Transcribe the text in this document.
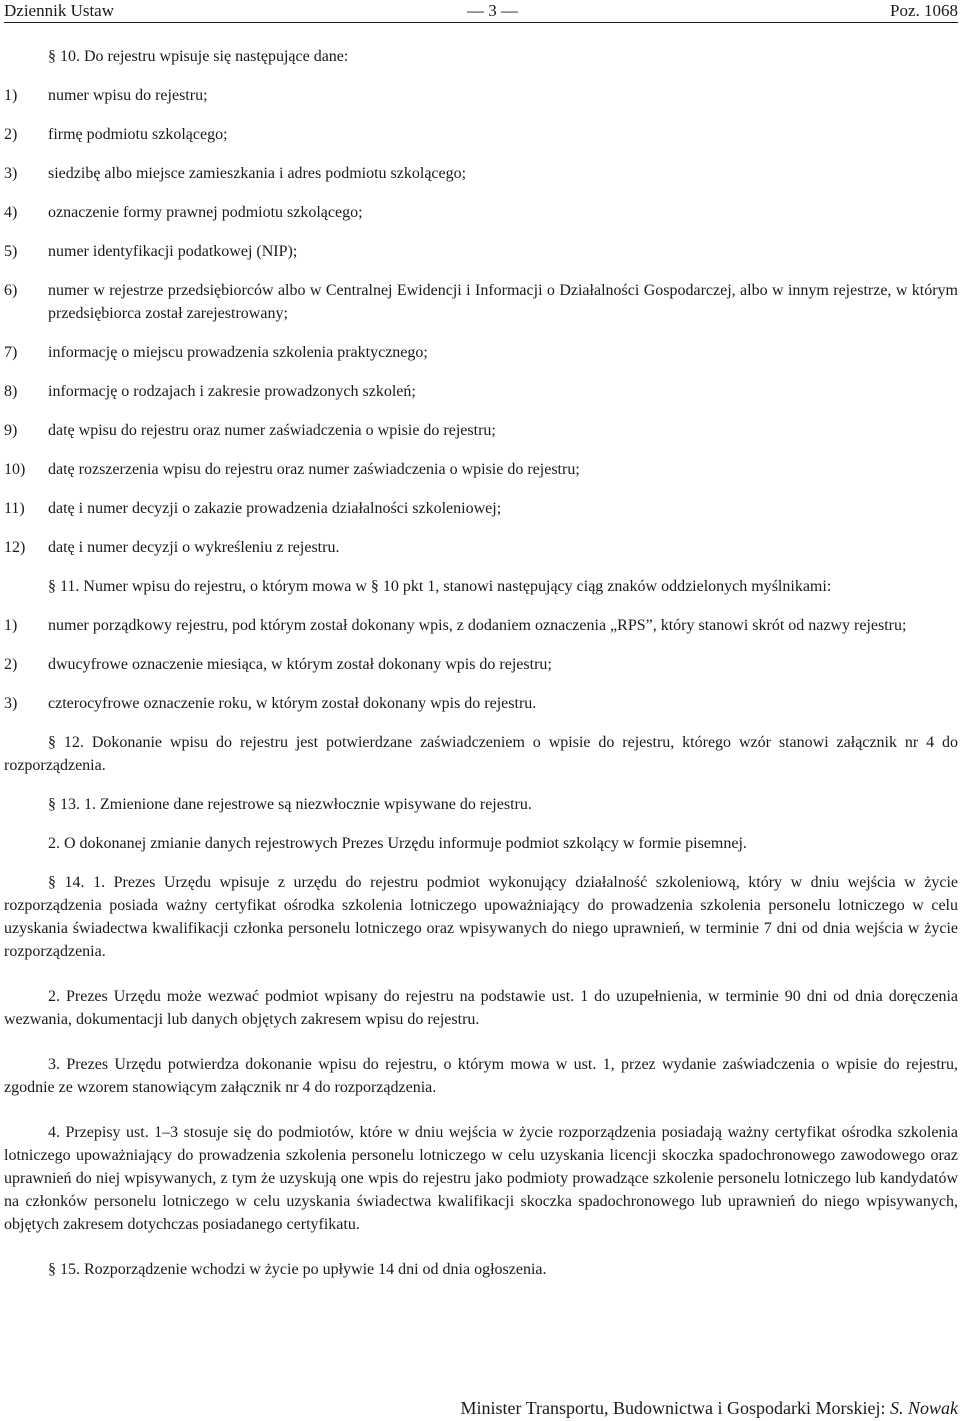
Dziennik Ustaw	— 3 —	Poz. 1068

§ 10. Do rejestru wpisuje się następujące dane:

1) numer wpisu do rejestru;

2) firmę podmiotu szkolącego;

3) siedzibę albo miejsce zamieszkania i adres podmiotu szkolącego;

4) oznaczenie formy prawnej podmiotu szkolącego;

5) numer identyfikacji podatkowej (NIP);

6) numer w rejestrze przedsiębiorców albo w Centralnej Ewidencji i Informacji o Działalności Gospodarczej, albo w innym rejestrze, w którym przedsiębiorca został zarejestrowany;

7) informację o miejscu prowadzenia szkolenia praktycznego;

8) informację o rodzajach i zakresie prowadzonych szkoleń;

9) datę wpisu do rejestru oraz numer zaświadczenia o wpisie do rejestru;

10) datę rozszerzenia wpisu do rejestru oraz numer zaświadczenia o wpisie do rejestru;

11) datę i numer decyzji o zakazie prowadzenia działalności szkoleniowej;

12) datę i numer decyzji o wykreśleniu z rejestru.

§ 11. Numer wpisu do rejestru, o którym mowa w § 10 pkt 1, stanowi następujący ciąg znaków oddzielonych myślnikami:

1) numer porządkowy rejestru, pod którym został dokonany wpis, z dodaniem oznaczenia „RPS”, który stanowi skrót od nazwy rejestru;

2) dwucyfrowe oznaczenie miesiąca, w którym został dokonany wpis do rejestru;

3) czterocyfrowe oznaczenie roku, w którym został dokonany wpis do rejestru.

§ 12. Dokonanie wpisu do rejestru jest potwierdzane zaświadczeniem o wpisie do rejestru, którego wzór stanowi załącznik nr 4 do rozporządzenia.

§ 13. 1. Zmienione dane rejestrowe są niezwłocznie wpisywane do rejestru.

2. O dokonanej zmianie danych rejestrowych Prezes Urzędu informuje podmiot szkolący w formie pisemnej.

§ 14. 1. Prezes Urzędu wpisuje z urzędu do rejestru podmiot wykonujący działalność szkoleniową, który w dniu wejścia w życie rozporządzenia posiada ważny certyfikat ośrodka szkolenia lotniczego upoważniający do prowadzenia szkolenia personelu lotniczego w celu uzyskania świadectwa kwalifikacji członka personelu lotniczego oraz wpisywanych do niego uprawnień, w terminie 7 dni od dnia wejścia w życie rozporządzenia.

2. Prezes Urzędu może wezwać podmiot wpisany do rejestru na podstawie ust. 1 do uzupełnienia, w terminie 90 dni od dnia doręczenia wezwania, dokumentacji lub danych objętych zakresem wpisu do rejestru.

3. Prezes Urzędu potwierdza dokonanie wpisu do rejestru, o którym mowa w ust. 1, przez wydanie zaświadczenia o wpisie do rejestru, zgodnie ze wzorem stanowiącym załącznik nr 4 do rozporządzenia.

4. Przepisy ust. 1–3 stosuje się do podmiotów, które w dniu wejścia w życie rozporządzenia posiadają ważny certyfikat ośrodka szkolenia lotniczego upoważniający do prowadzenia szkolenia personelu lotniczego w celu uzyskania licencji skoczka spadochronowego zawodowego oraz uprawnień do niej wpisywanych, z tym że uzyskują one wpis do rejestru jako podmioty prowadzące szkolenie personelu lotniczego lub kandydatów na członków personelu lotniczego w celu uzyskania świadectwa kwalifikacji skoczka spadochronowego lub uprawnień do niego wpisywanych, objętych zakresem dotychczas posiadanego certyfikatu.

§ 15. Rozporządzenie wchodzi w życie po upływie 14 dni od dnia ogłoszenia.

Minister Transportu, Budownictwa i Gospodarki Morskiej: S. Nowak
